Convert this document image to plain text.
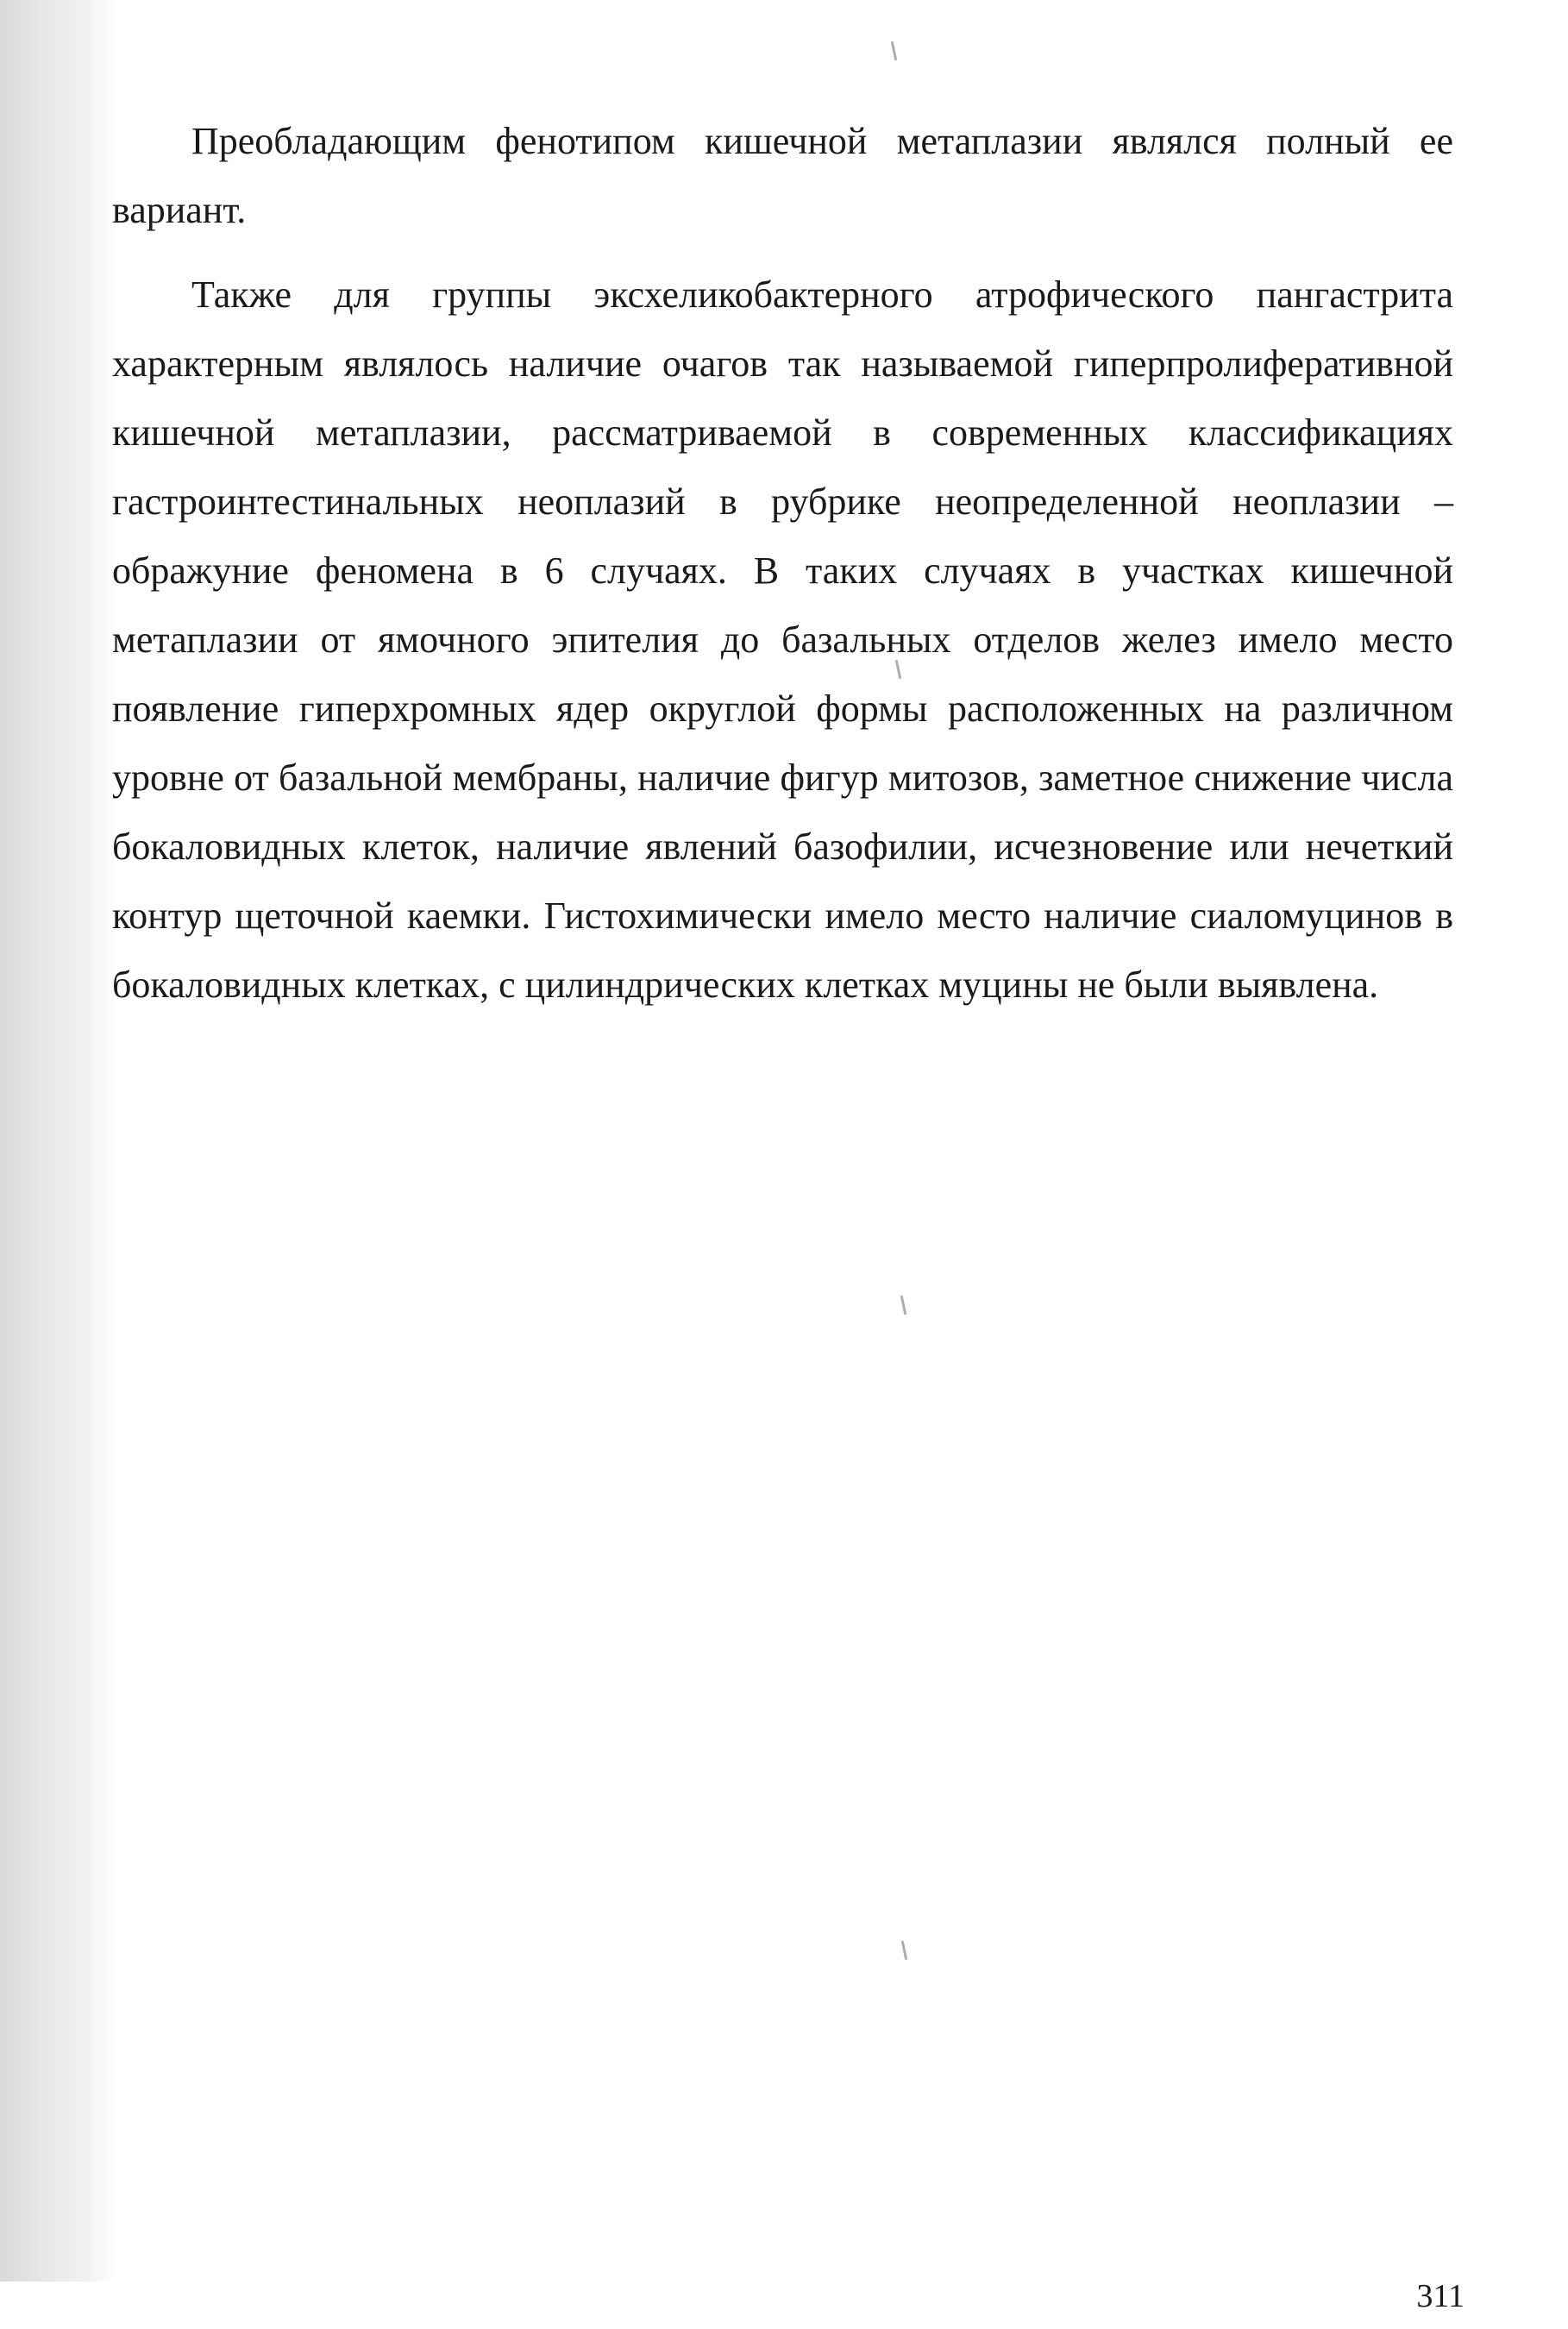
Преобладающим фенотипом кишечной метаплазии являлся полный ее вариант.

Также для группы эксхеликобактерного атрофического пангастрита характерным являлось наличие очагов так называемой гиперпролиферативной кишечной метаплазии, рассматриваемой в современных классификациях гастроинтестинальных неоплазий в рубрике неопределенной неоплазии – ображуние феномена в 6 случаях. В таких случаях в участках кишечной метаплазии от ямочного эпителия до базальных отделов желез имело место появление гиперхромных ядер округлой формы расположенных на различном уровне от базальной мембраны, наличие фигур митозов, заметное снижение числа бокаловидных клеток, наличие явлений базофилии, исчезновение или нечеткий контур щеточной каемки. Гистохимически имело место наличие сиаломуцинов в бокаловидных клетках, с цилиндрических клетках муцины не были выявлена.

311
